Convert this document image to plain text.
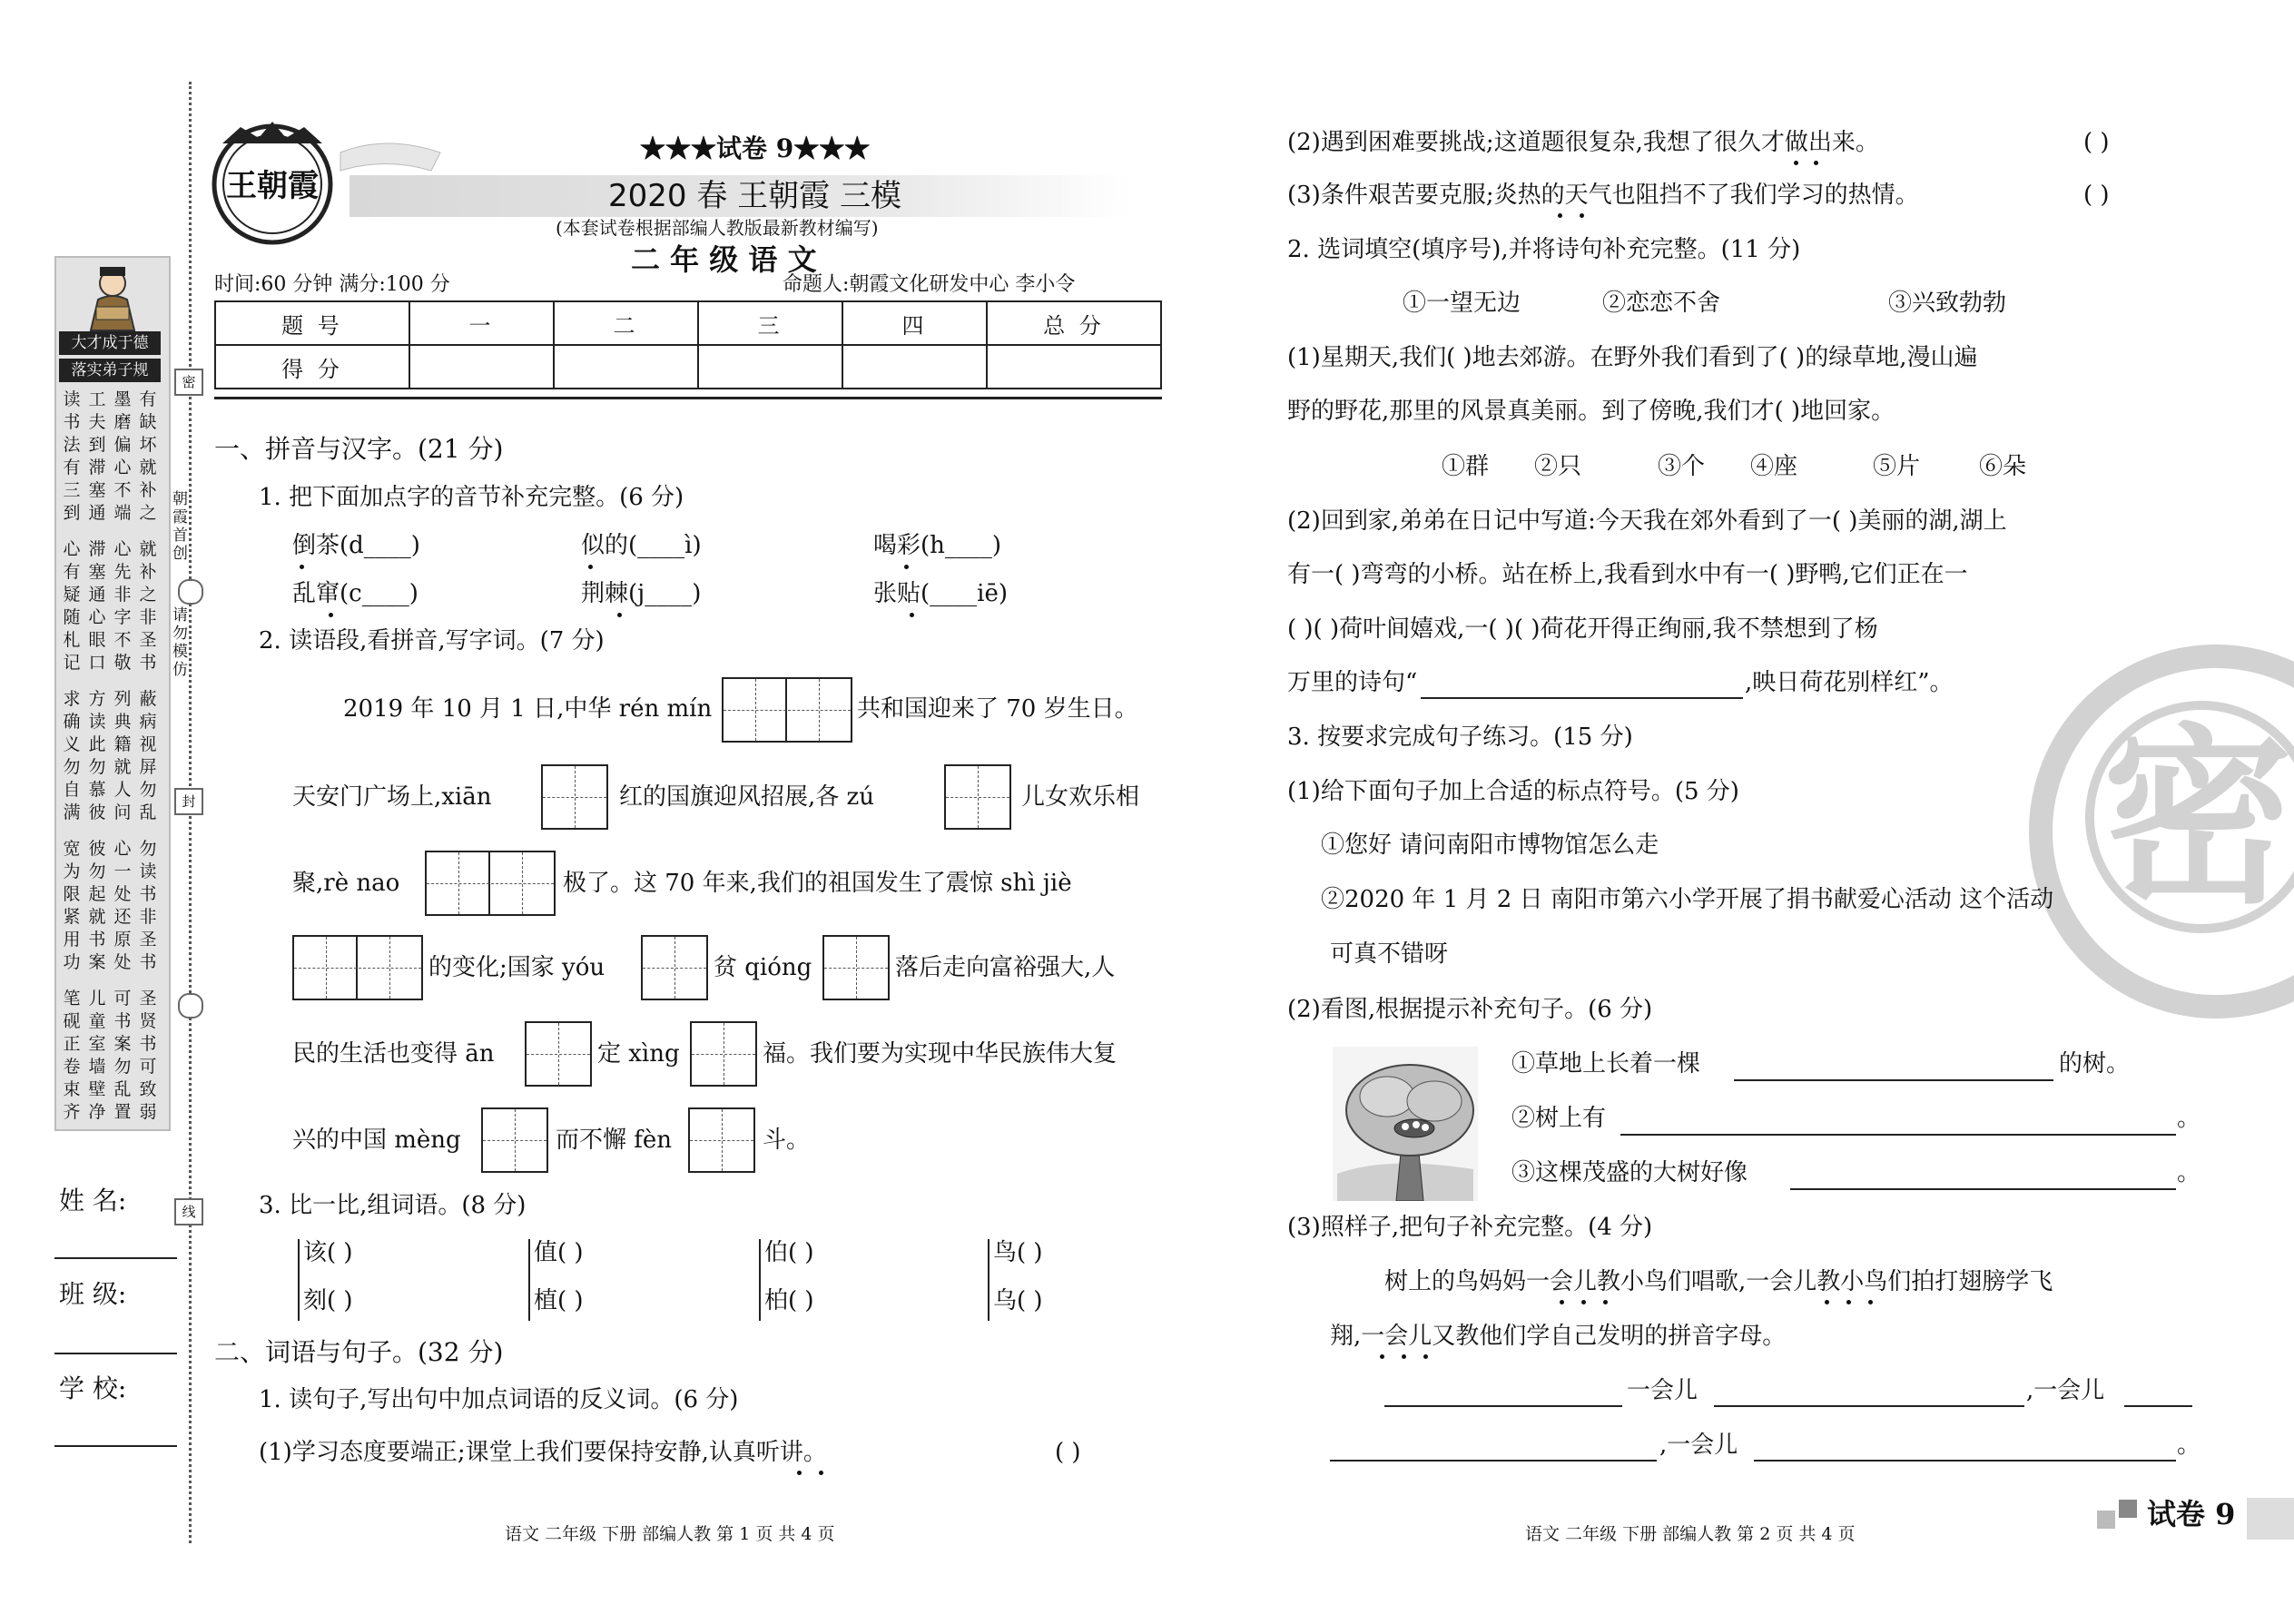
密
封
线
朝霞首创
请勿模仿
大才成于德
落实弟子规
读书法有三到
工夫到滞塞通
墨磨偏心不端
有缺坏就补之
心有疑随札记
滞塞通心眼口
心先非字不敬
就补之非圣书
求确义勿自满
方读此勿慕彼
列典籍就人问
蔽病视屏勿乱
宽为限紧用功
彼勿起就书案
心一处还原处
勿读书非圣书
笔砚正卷束齐
儿童室墙壁净
可书案勿乱置
圣贤书可致弱
姓 名:
班 级:
学 校:
王朝霞
★★★试卷 9★★★
2020 春 王朝霞 三模
(本套试卷根据部编人教版最新教材编写)
二 年 级 语 文
时间:60 分钟 满分:100 分	命题人:朝霞文化研发中心 李小令
题 号	一	二	三	四	总 分
得 分					
一、拼音与汉字。(21 分)
1. 把下面加点字的音节补充完整。(6 分)
倒茶(d____)	似的(____ì)	喝彩(h____)
乱窜(c____)	荆棘(j____)	张贴(____iē)
2. 读语段,看拼音,写字词。(7 分)
2019 年 10 月 1 日,中华 rén mín	共和国迎来了 70 岁生日。
天安门广场上,xiān	红的国旗迎风招展,各 zú	儿女欢乐相
聚,rè nao	极了。这 70 年来,我们的祖国发生了震惊 shì jiè
的变化;国家 yóu	贫 qióng	落后走向富裕强大,人
民的生活也变得 ān	定 xìng	福。我们要为实现中华民族伟大复
兴的中国 mèng	而不懈 fèn	斗。
3. 比一比,组词语。(8 分)
该( )	值( )	伯( )	鸟( )
刻( )	植( )	柏( )	乌( )
二、词语与句子。(32 分)
1. 读句子,写出句中加点词语的反义词。(6 分)
(1)学习态度要端正;课堂上我们要保持安静,认真听讲。	( )
语文 二年级 下册 部编人教 第 1 页 共 4 页
密
(2)遇到困难要挑战;这道题很复杂,我想了很久才做出来。	( )
(3)条件艰苦要克服;炎热的天气也阻挡不了我们学习的热情。	( )
2. 选词填空(填序号),并将诗句补充完整。(11 分)
①一望无边	②恋恋不舍	③兴致勃勃
(1)星期天,我们( )地去郊游。在野外我们看到了( )的绿草地,漫山遍
野的野花,那里的风景真美丽。到了傍晚,我们才( )地回家。
①群 ②只	③个 ④座	⑤片 ⑥朵
(2)回到家,弟弟在日记中写道:今天我在郊外看到了一( )美丽的湖,湖上
有一( )弯弯的小桥。站在桥上,我看到水中有一( )野鸭,它们正在一
( )( )荷叶间嬉戏,一( )( )荷花开得正绚丽,我不禁想到了杨
万里的诗句“	,映日荷花别样红”。
3. 按要求完成句子练习。(15 分)
(1)给下面句子加上合适的标点符号。(5 分)
①您好 请问南阳市博物馆怎么走
②2020 年 1 月 2 日 南阳市第六小学开展了捐书献爱心活动 这个活动
可真不错呀
(2)看图,根据提示补充句子。(6 分)
①草地上长着一棵	的树。
②树上有	。
③这棵茂盛的大树好像	。
(3)照样子,把句子补充完整。(4 分)
树上的鸟妈妈一会儿教小鸟们唱歌,一会儿教小鸟们拍打翅膀学飞
翔,一会儿又教他们学自己发明的拼音字母。
一会儿	,一会儿
,一会儿	。
语文 二年级 下册 部编人教 第 2 页 共 4 页
试卷 9
